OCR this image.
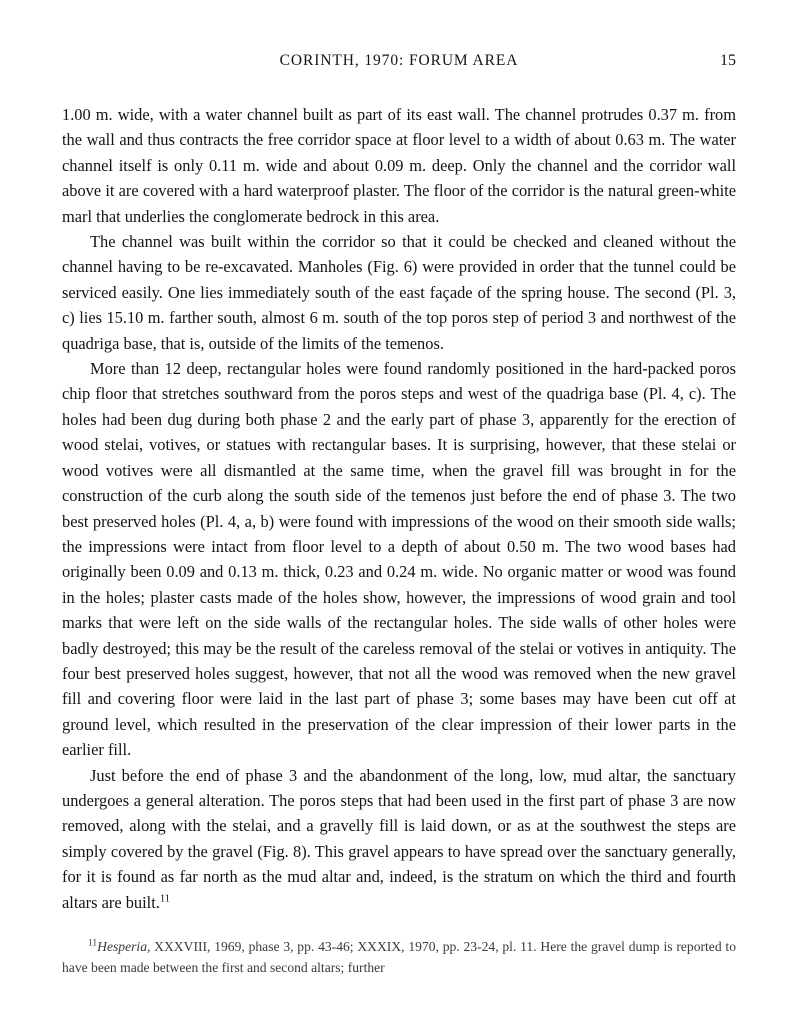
CORINTH, 1970: FORUM AREA	15

1.00 m. wide, with a water channel built as part of its east wall. The channel protrudes 0.37 m. from the wall and thus contracts the free corridor space at floor level to a width of about 0.63 m. The water channel itself is only 0.11 m. wide and about 0.09 m. deep. Only the channel and the corridor wall above it are covered with a hard waterproof plaster. The floor of the corridor is the natural green-white marl that underlies the conglomerate bedrock in this area.

The channel was built within the corridor so that it could be checked and cleaned without the channel having to be re-excavated. Manholes (Fig. 6) were provided in order that the tunnel could be serviced easily. One lies immediately south of the east façade of the spring house. The second (Pl. 3, c) lies 15.10 m. farther south, almost 6 m. south of the top poros step of period 3 and northwest of the quadriga base, that is, outside of the limits of the temenos.

More than 12 deep, rectangular holes were found randomly positioned in the hard-packed poros chip floor that stretches southward from the poros steps and west of the quadriga base (Pl. 4, c). The holes had been dug during both phase 2 and the early part of phase 3, apparently for the erection of wood stelai, votives, or statues with rectangular bases. It is surprising, however, that these stelai or wood votives were all dismantled at the same time, when the gravel fill was brought in for the construction of the curb along the south side of the temenos just before the end of phase 3. The two best preserved holes (Pl. 4, a, b) were found with impressions of the wood on their smooth side walls; the impressions were intact from floor level to a depth of about 0.50 m. The two wood bases had originally been 0.09 and 0.13 m. thick, 0.23 and 0.24 m. wide. No organic matter or wood was found in the holes; plaster casts made of the holes show, however, the impressions of wood grain and tool marks that were left on the side walls of the rectangular holes. The side walls of other holes were badly destroyed; this may be the result of the careless removal of the stelai or votives in antiquity. The four best preserved holes suggest, however, that not all the wood was removed when the new gravel fill and covering floor were laid in the last part of phase 3; some bases may have been cut off at ground level, which resulted in the preservation of the clear impression of their lower parts in the earlier fill.

Just before the end of phase 3 and the abandonment of the long, low, mud altar, the sanctuary undergoes a general alteration. The poros steps that had been used in the first part of phase 3 are now removed, along with the stelai, and a gravelly fill is laid down, or as at the southwest the steps are simply covered by the gravel (Fig. 8). This gravel appears to have spread over the sanctuary generally, for it is found as far north as the mud altar and, indeed, is the stratum on which the third and fourth altars are built.$^{11}$

$^{11}$Hesperia, XXXVIII, 1969, phase 3, pp. 43-46; XXXIX, 1970, pp. 23-24, pl. 11. Here the gravel dump is reported to have been made between the first and second altars; further
